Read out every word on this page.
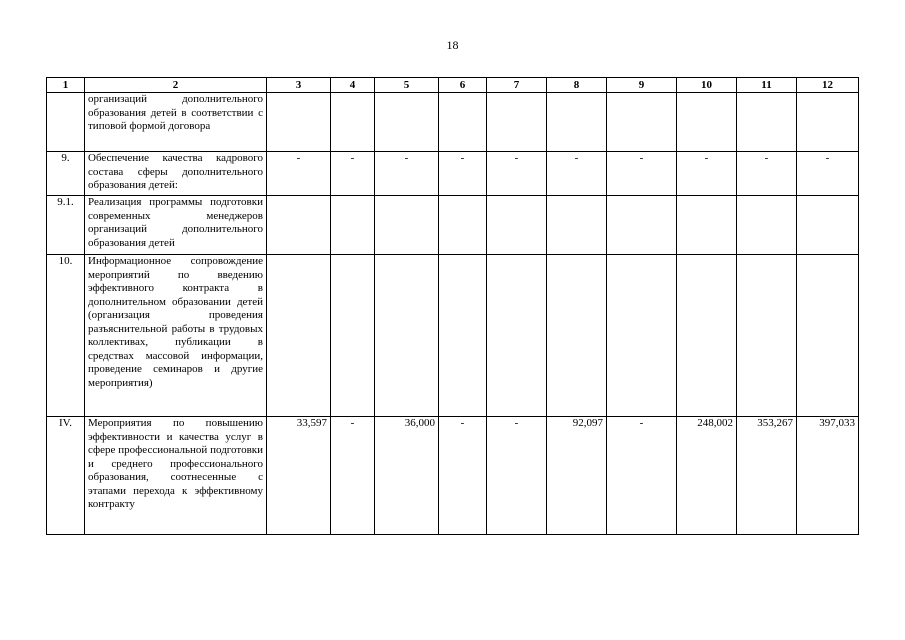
18
1	2	3	4	5	6	7	8	9	10	11	12
	организаций дополнительного образования детей в соответствии с типовой формой договора										
9.	Обеспечение качества кадрового состава сферы дополнительного образования детей:	-	-	-	-	-	-	-	-	-	-
9.1.	Реализация программы подготовки современных менеджеров организаций дополнительного образования детей										
10.	Информационное сопровождение мероприятий по введению эффективного контракта в дополнительном образовании детей (организация проведения разъяснительной работы в трудовых коллективах, публикации в средствах массовой информации, проведение семинаров и другие мероприятия)										
IV.	Мероприятия по повышению эффективности и качества услуг в сфере профессиональной подготовки и среднего профессионального образования, соотнесенные с этапами перехода к эффективному контракту	33,597	-	36,000	-	-	92,097	-	248,002	353,267	397,033
